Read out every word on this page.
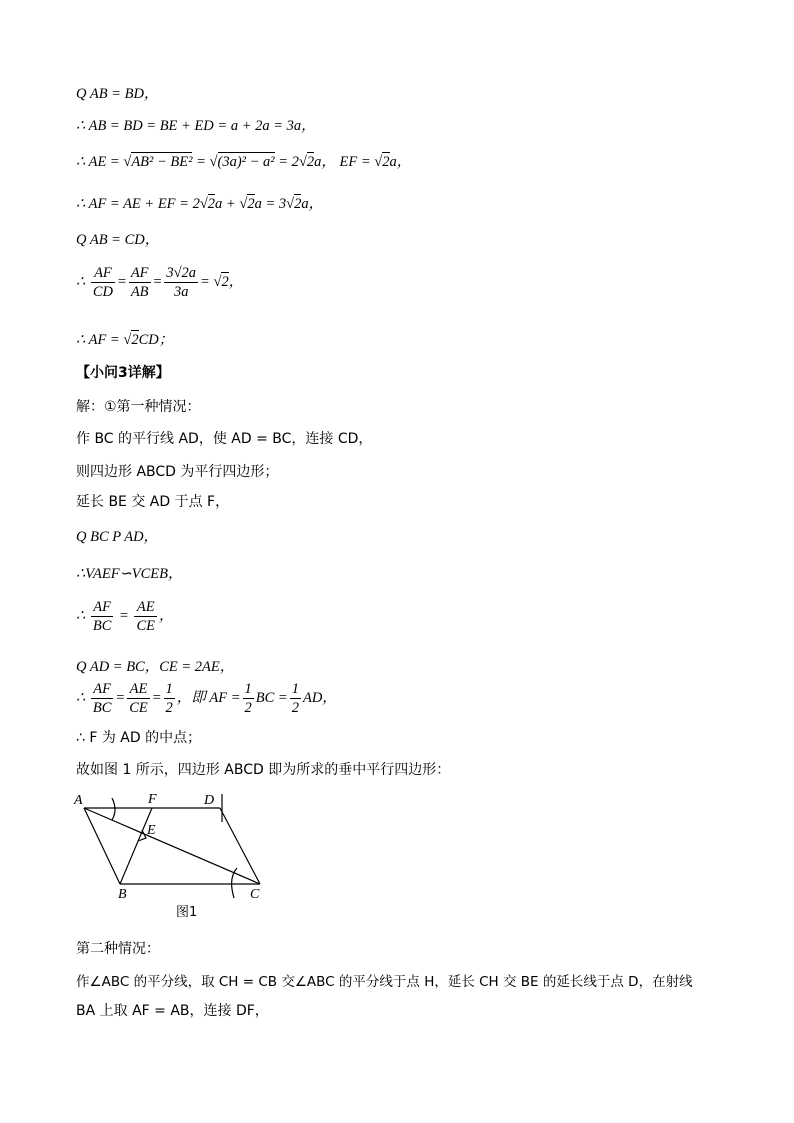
Q AB = BD，
∴ AB = BD = BE + ED = a + 2a = 3a，
∴ AE = √AB² − BE² = √(3a)² − a² = 2√2a， EF = √2a，
∴ AF = AE + EF = 2√2a + √2a = 3√2a，
Q AB = CD，
∴ $\frac{AF}{CD} = \frac{AF}{AB} = \frac{3√2a}{3a} = √2$，
∴ AF = √2CD；
【小问3详解】
解：①第一种情况：
作 BC 的平行线 AD，使 AD = BC，连接 CD，
则四边形 ABCD 为平行四边形；
延长 BE 交 AD 于点 F，
Q BC P AD，
∴VAEF∽VCEB，
∴ $\frac{AF}{BC} = \frac{AE}{CE}$ ，
Q AD = BC，CE = 2AE，
∴ $\frac{AF}{BC} = \frac{AE}{CE} = \frac{1}{2}$ ，即 AF = $\frac{1}{2}$ BC = $\frac{1}{2}$ AD，
∴ F 为 AD 的中点；
故如图 1 所示，四边形 ABCD 即为所求的垂中平行四边形：
A	F	D
E
B	C
图1
第二种情况：
作∠ABC 的平分线，取 CH = CB 交∠ABC 的平分线于点 H，延长 CH 交 BE 的延长线于点 D，在射线
BA 上取 AF = AB，连接 DF，
